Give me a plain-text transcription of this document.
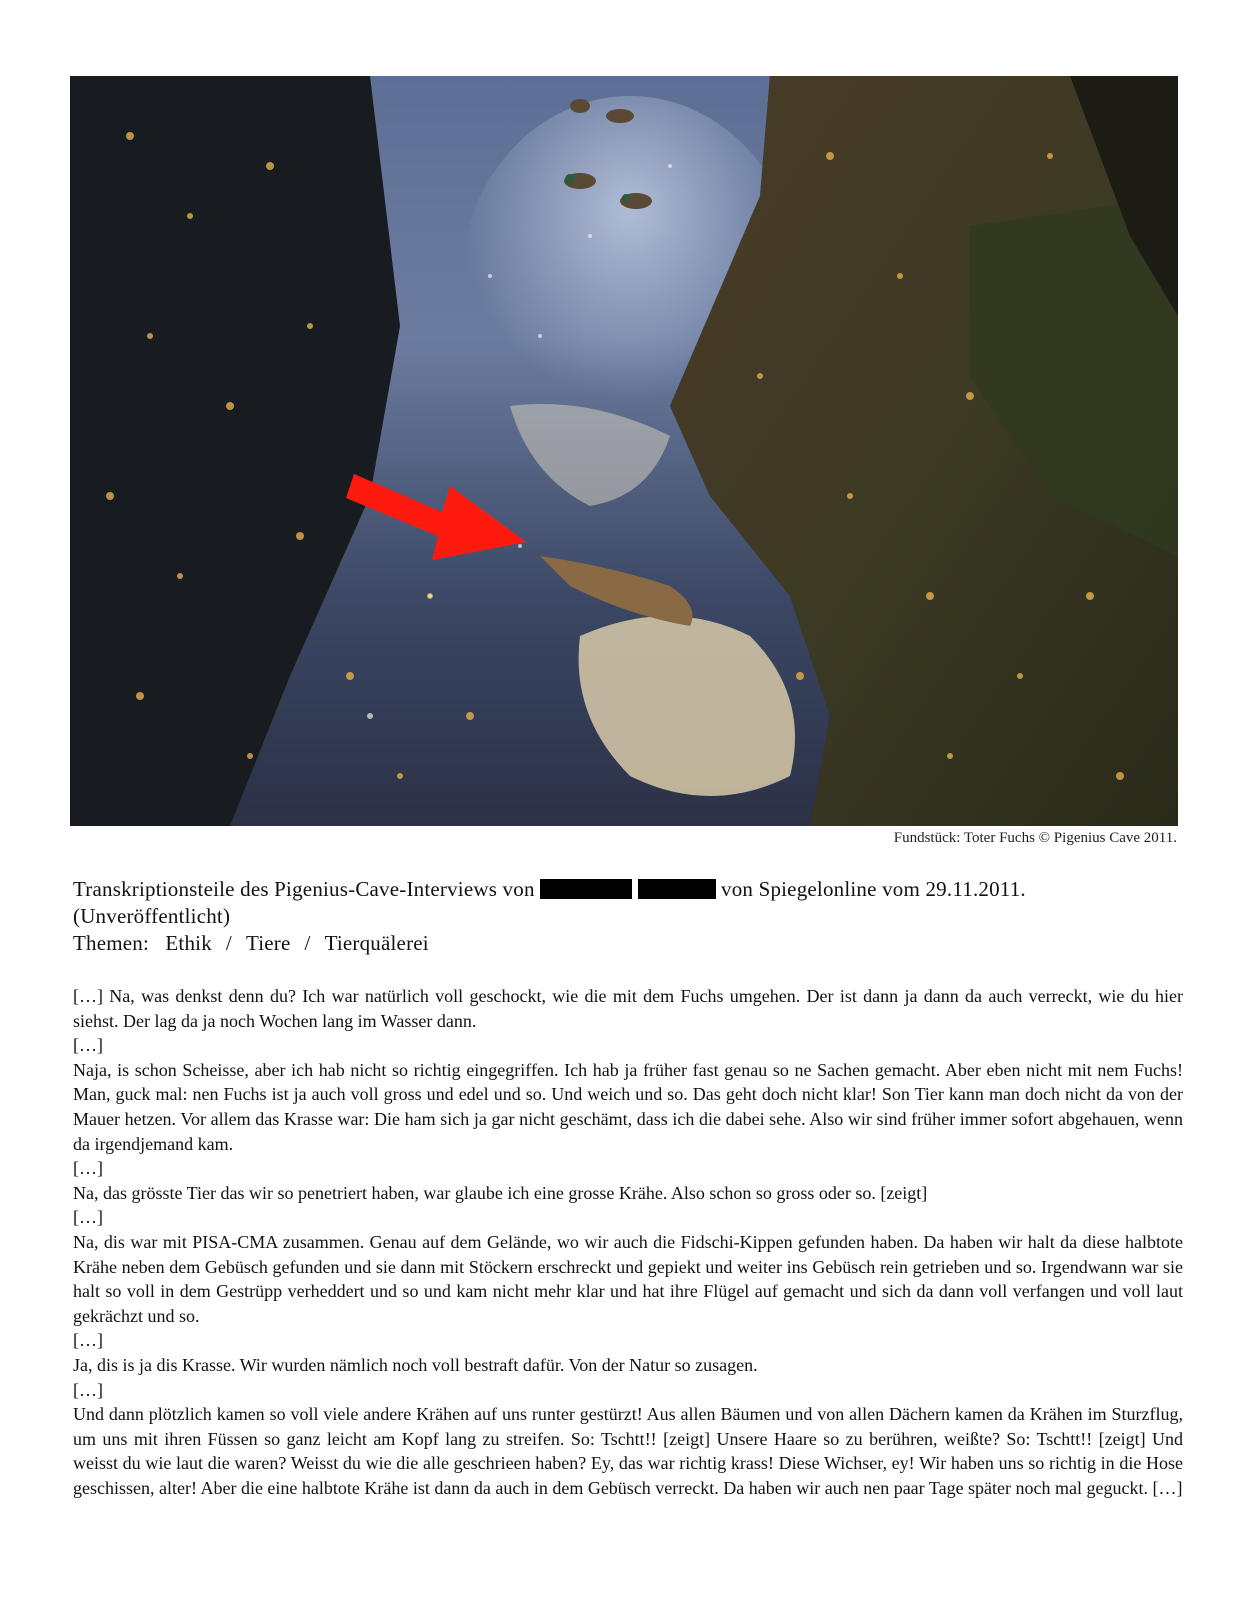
Fundstück: Toter Fuchs © Pigenius Cave 2011.
Transkriptionsteile des Pigenius-Cave-Interviews von	von Spiegelonline vom 29.11.2011.
(Unveröffentlicht)
Themen: Ethik / Tiere / Tierquälerei

[…] Na, was denkst denn du? Ich war natürlich voll geschockt, wie die mit dem Fuchs umgehen. Der ist dann ja dann da auch verreckt, wie du hier siehst. Der lag da ja noch Wochen lang im Wasser dann.

[…]

Naja, is schon Scheisse, aber ich hab nicht so richtig eingegriffen. Ich hab ja früher fast genau so ne Sachen gemacht. Aber eben nicht mit nem Fuchs! Man, guck mal: nen Fuchs ist ja auch voll gross und edel und so. Und weich und so. Das geht doch nicht klar! Son Tier kann man doch nicht da von der Mauer hetzen. Vor allem das Krasse war: Die ham sich ja gar nicht geschämt, dass ich die dabei sehe. Also wir sind früher immer sofort abgehauen, wenn da irgendjemand kam.

[…]

Na, das grösste Tier das wir so penetriert haben, war glaube ich eine grosse Krähe. Also schon so gross oder so. [zeigt]

[…]

Na, dis war mit PISA-CMA zusammen. Genau auf dem Gelände, wo wir auch die Fidschi-Kippen gefunden haben. Da haben wir halt da diese halbtote Krähe neben dem Gebüsch gefunden und sie dann mit Stöckern erschreckt und gepiekt und weiter ins Gebüsch rein getrieben und so. Irgendwann war sie halt so voll in dem Gestrüpp verheddert und so und kam nicht mehr klar und hat ihre Flügel auf gemacht und sich da dann voll verfangen und voll laut gekrächzt und so.

[…]

Ja, dis is ja dis Krasse. Wir wurden nämlich noch voll bestraft dafür. Von der Natur so zusagen.

[…]

Und dann plötzlich kamen so voll viele andere Krähen auf uns runter gestürzt! Aus allen Bäumen und von allen Dächern kamen da Krähen im Sturzflug, um uns mit ihren Füssen so ganz leicht am Kopf lang zu streifen. So: Tschtt!! [zeigt] Unsere Haare so zu berühren, weißte? So: Tschtt!! [zeigt] Und weisst du wie laut die waren? Weisst du wie die alle geschrieen haben? Ey, das war richtig krass! Diese Wichser, ey! Wir haben uns so richtig in die Hose geschissen, alter! Aber die eine halbtote Krähe ist dann da auch in dem Gebüsch verreckt. Da haben wir auch nen paar Tage später noch mal geguckt. […]
